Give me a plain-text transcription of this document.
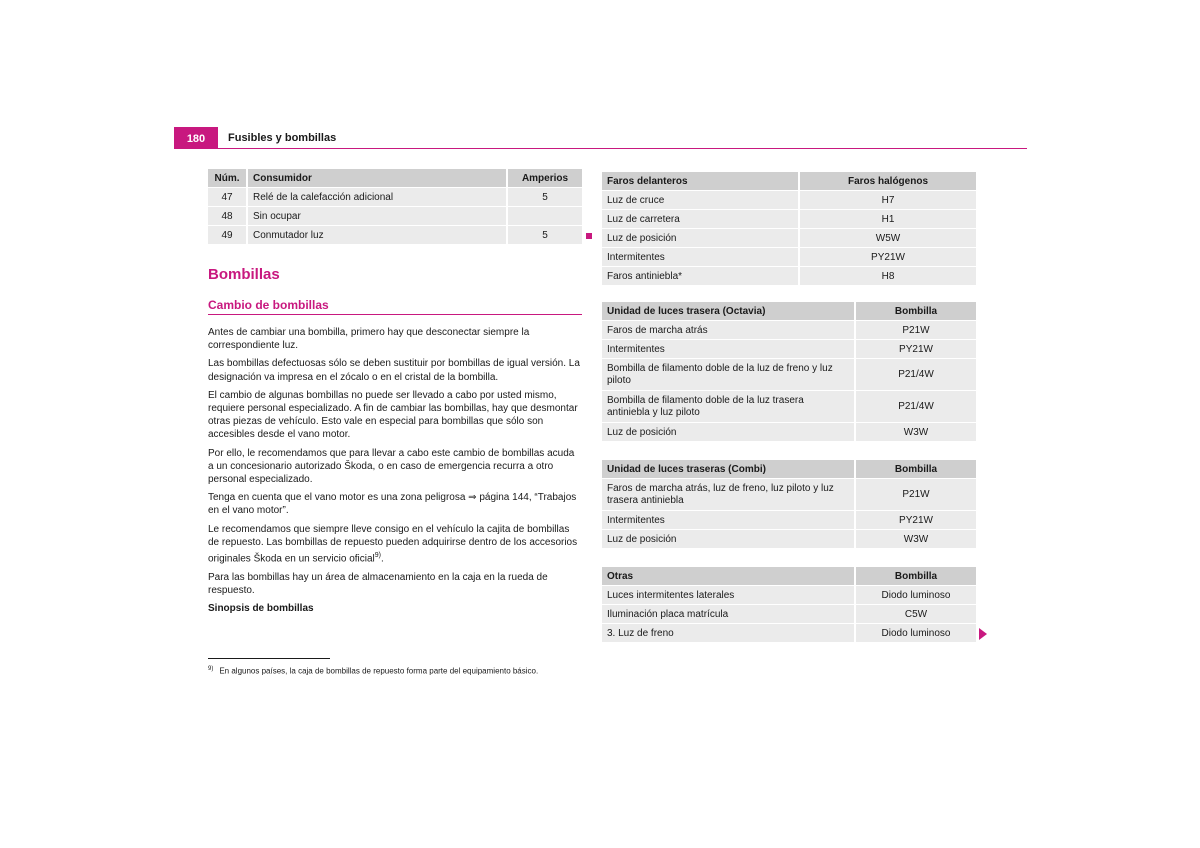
180	Fusibles y bombillas
Núm.	Consumidor	Amperios
47	Relé de la calefacción adicional	5
48	Sin ocupar	
49	Conmutador luz	5
Bombillas
Cambio de bombillas

Antes de cambiar una bombilla, primero hay que desconectar siempre la correspondiente luz.

Las bombillas defectuosas sólo se deben sustituir por bombillas de igual versión. La designación va impresa en el zócalo o en el cristal de la bombilla.

El cambio de algunas bombillas no puede ser llevado a cabo por usted mismo, requiere personal especializado. A fin de cambiar las bombillas, hay que desmontar otras piezas de vehículo. Esto vale en especial para bombillas que sólo son accesibles desde el vano motor.

Por ello, le recomendamos que para llevar a cabo este cambio de bombillas acuda a un concesionario autorizado Škoda, o en caso de emergencia recurra a otro personal especializado.

Tenga en cuenta que el vano motor es una zona peligrosa ⇒ página 144, “Trabajos en el vano motor”.

Le recomendamos que siempre lleve consigo en el vehículo la cajita de bombillas de repuesto. Las bombillas de repuesto pueden adquirirse dentro de los accesorios originales Škoda en un servicio oficial$^{9)}$.

Para las bombillas hay un área de almacenamiento en la caja en la rueda de respuesto.

Sinopsis de bombillas

$^{9)}$ En algunos países, la caja de bombillas de repuesto forma parte del equipamiento básico.
Faros delanteros	Faros halógenos
Luz de cruce	H7
Luz de carretera	H1
Luz de posición	W5W
Intermitentes	PY21W
Faros antiniebla*	H8
Unidad de luces trasera (Octavia)	Bombilla
Faros de marcha atrás	P21W
Intermitentes	PY21W
Bombilla de filamento doble de la luz de freno y luz piloto	P21/4W
Bombilla de filamento doble de la luz trasera antiniebla y luz piloto	P21/4W
Luz de posición	W3W
Unidad de luces traseras (Combi)	Bombilla
Faros de marcha atrás, luz de freno, luz piloto y luz trasera antiniebla	P21W
Intermitentes	PY21W
Luz de posición	W3W
Otras	Bombilla
Luces intermitentes laterales	Diodo luminoso
Iluminación placa matrícula	C5W
3. Luz de freno	Diodo luminoso
